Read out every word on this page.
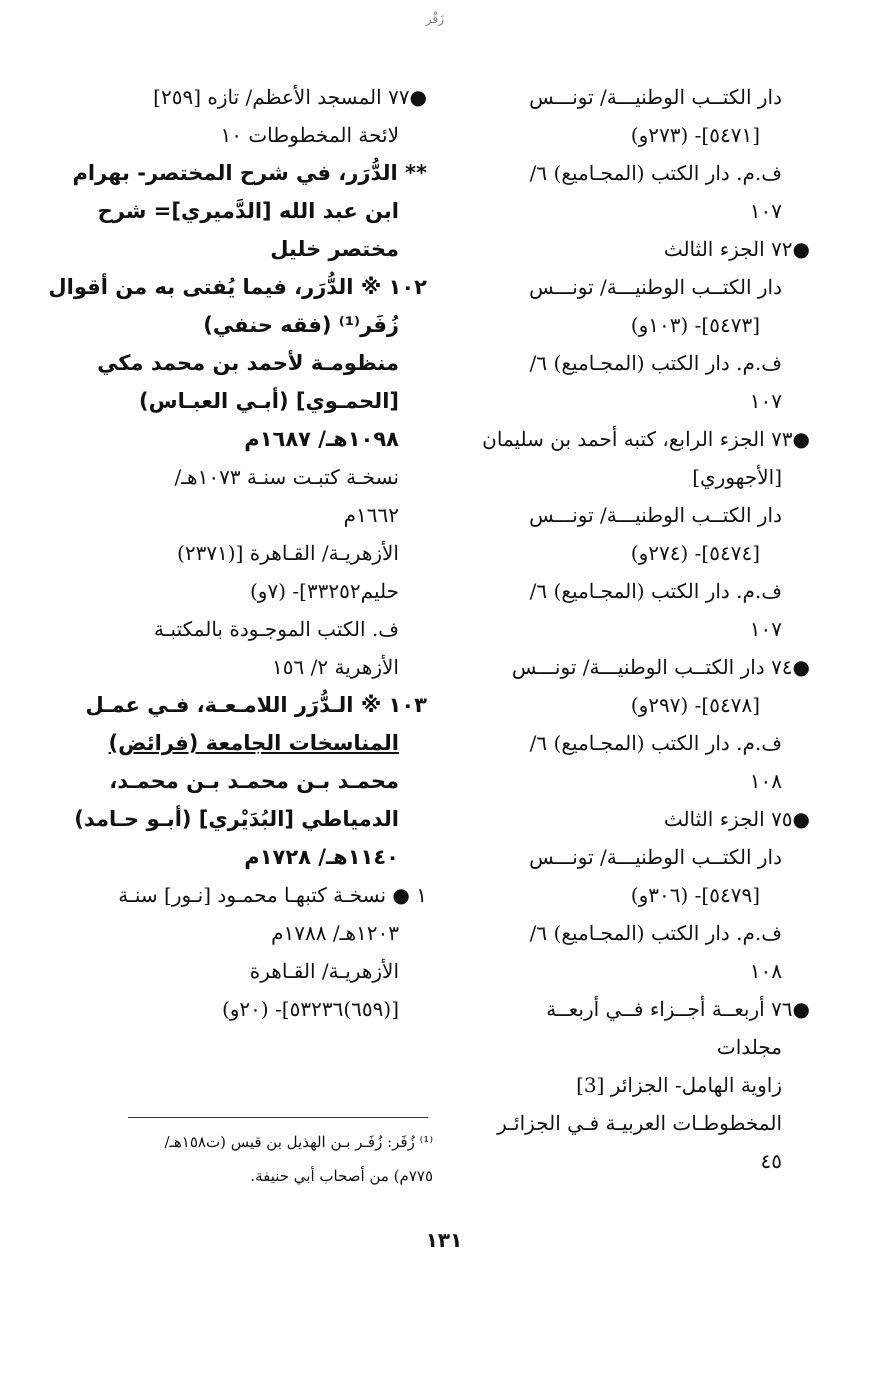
زَقْر
دار الكتــب الوطنيـــة/ تونـــس
[٥٤٧١]- (٢٧٣و)
ف.م. دار الكتب (المجـاميع) ٦/
١٠٧
●٧٢ الجزء الثالث
دار الكتــب الوطنيـــة/ تونـــس
[٥٤٧٣]- (١٠٣و)
ف.م. دار الكتب (المجـاميع) ٦/
١٠٧
●٧٣ الجزء الرابع، كتبه أحمد بن سليمان
[الأجهوري]
دار الكتــب الوطنيـــة/ تونـــس
[٥٤٧٤]- (٢٧٤و)
ف.م. دار الكتب (المجـاميع) ٦/
١٠٧
●٧٤ دار الكتــب الوطنيـــة/ تونـــس
[٥٤٧٨]- (٢٩٧و)
ف.م. دار الكتب (المجـاميع) ٦/
١٠٨
●٧٥ الجزء الثالث
دار الكتــب الوطنيـــة/ تونـــس
[٥٤٧٩]- (٣٠٦و)
ف.م. دار الكتب (المجـاميع) ٦/
١٠٨
●٧٦ أربعــة أجــزاء فــي أربعــة
مجلدات
زاوية الهامل- الجزائر [3]
المخطوطـات العربيـة فـي الجزائـر
٤٥
●٧٧ المسجد الأعظم/ تازه [٢٥٩]
لائحة المخطوطات ١٠
** الدُّرَر، في شرح المختصر- بهرام
ابن عبد الله [الدَّميري]= شرح
مختصر خليل
١٠٢ ※ الدُّرَر، فيما يُفتى به من أقوال
زُفَر⁽¹⁾ (فقه حنفي)
منظومـة لأحمد بن محمد مكي
[الحمـوي] (أبـي العبـاس)
١٠٩٨هـ/ ١٦٨٧م
نسخـة كتبـت سنـة ١٠٧٣هـ/
١٦٦٢م
الأزهريـة/ القـاهرة [(٢٣٧١)
حليم٣٣٢٥٢]- (٧و)
ف. الكتب الموجـودة بالمكتبـة
الأزهرية ٢/ ١٥٦
١٠٣ ※ الـدُّرَر اللامـعـة، فـي عمـل
المناسخات الجامعة (فرائض)
محمـد بـن محمـد بـن محمـد،
الدمياطي [البُدَيْري] (أبـو حـامد)
١١٤٠هـ/ ١٧٢٨م
١ ● نسخـة كتبهـا محمـود [نـور] سنـة
١٢٠٣هـ/ ١٧٨٨م
الأزهريـة/ القـاهرة
[(٦٥٩)٥٣٢٣٦]- (٢٠و)
⁽¹⁾ زُفَر: زُفَـر بـن الهذيل بن قيس (ت١٥٨هـ/
٧٧٥م) من أصحاب أبي حنيفة.
١٣١
